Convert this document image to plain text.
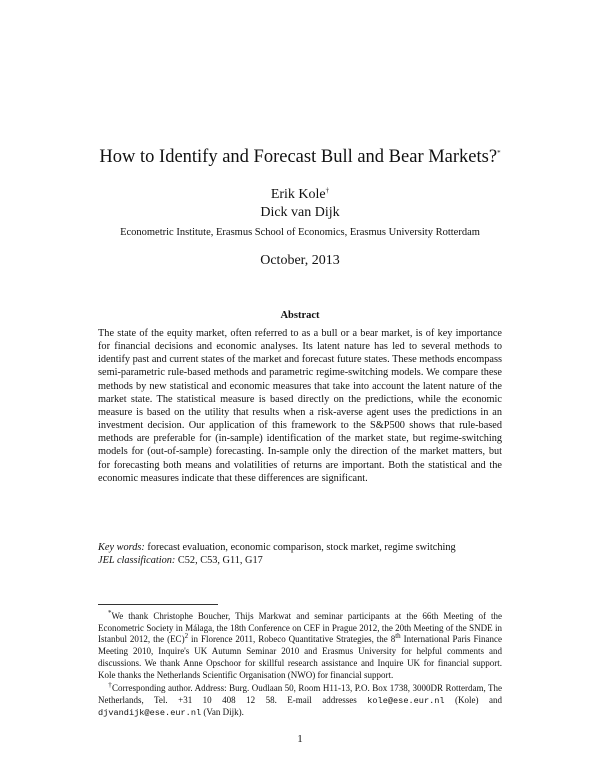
How to Identify and Forecast Bull and Bear Markets?*
Erik Kole†
Dick van Dijk
Econometric Institute, Erasmus School of Economics, Erasmus University Rotterdam
October, 2013
Abstract
The state of the equity market, often referred to as a bull or a bear market, is of key importance for financial decisions and economic analyses. Its latent nature has led to several methods to identify past and current states of the market and forecast future states. These methods encompass semi-parametric rule-based methods and parametric regime-switching models. We compare these methods by new statistical and economic measures that take into account the latent nature of the market state. The statistical measure is based directly on the predictions, while the economic measure is based on the utility that results when a risk-averse agent uses the predictions in an investment decision. Our application of this framework to the S&P500 shows that rule-based methods are preferable for (in-sample) identification of the market state, but regime-switching models for (out-of-sample) forecasting. In-sample only the direction of the market matters, but for forecasting both means and volatilities of returns are important. Both the statistical and the economic measures indicate that these differences are significant.
Key words: forecast evaluation, economic comparison, stock market, regime switching
JEL classification: C52, C53, G11, G17
*We thank Christophe Boucher, Thijs Markwat and seminar participants at the 66th Meeting of the Econometric Society in Málaga, the 18th Conference on CEF in Prague 2012, the 20th Meeting of the SNDE in Istanbul 2012, the (EC)$^2$ in Florence 2011, Robeco Quantitative Strategies, the 8th International Paris Finance Meeting 2010, Inquire's UK Autumn Seminar 2010 and Erasmus University for helpful comments and discussions. We thank Anne Opschoor for skillful research assistance and Inquire UK for financial support. Kole thanks the Netherlands Scientific Organisation (NWO) for financial support.
†Corresponding author. Address: Burg. Oudlaan 50, Room H11-13, P.O. Box 1738, 3000DR Rotterdam, The Netherlands, Tel. +31 10 408 12 58. E-mail addresses kole@ese.eur.nl (Kole) and djvandijk@ese.eur.nl (Van Dijk).
1
